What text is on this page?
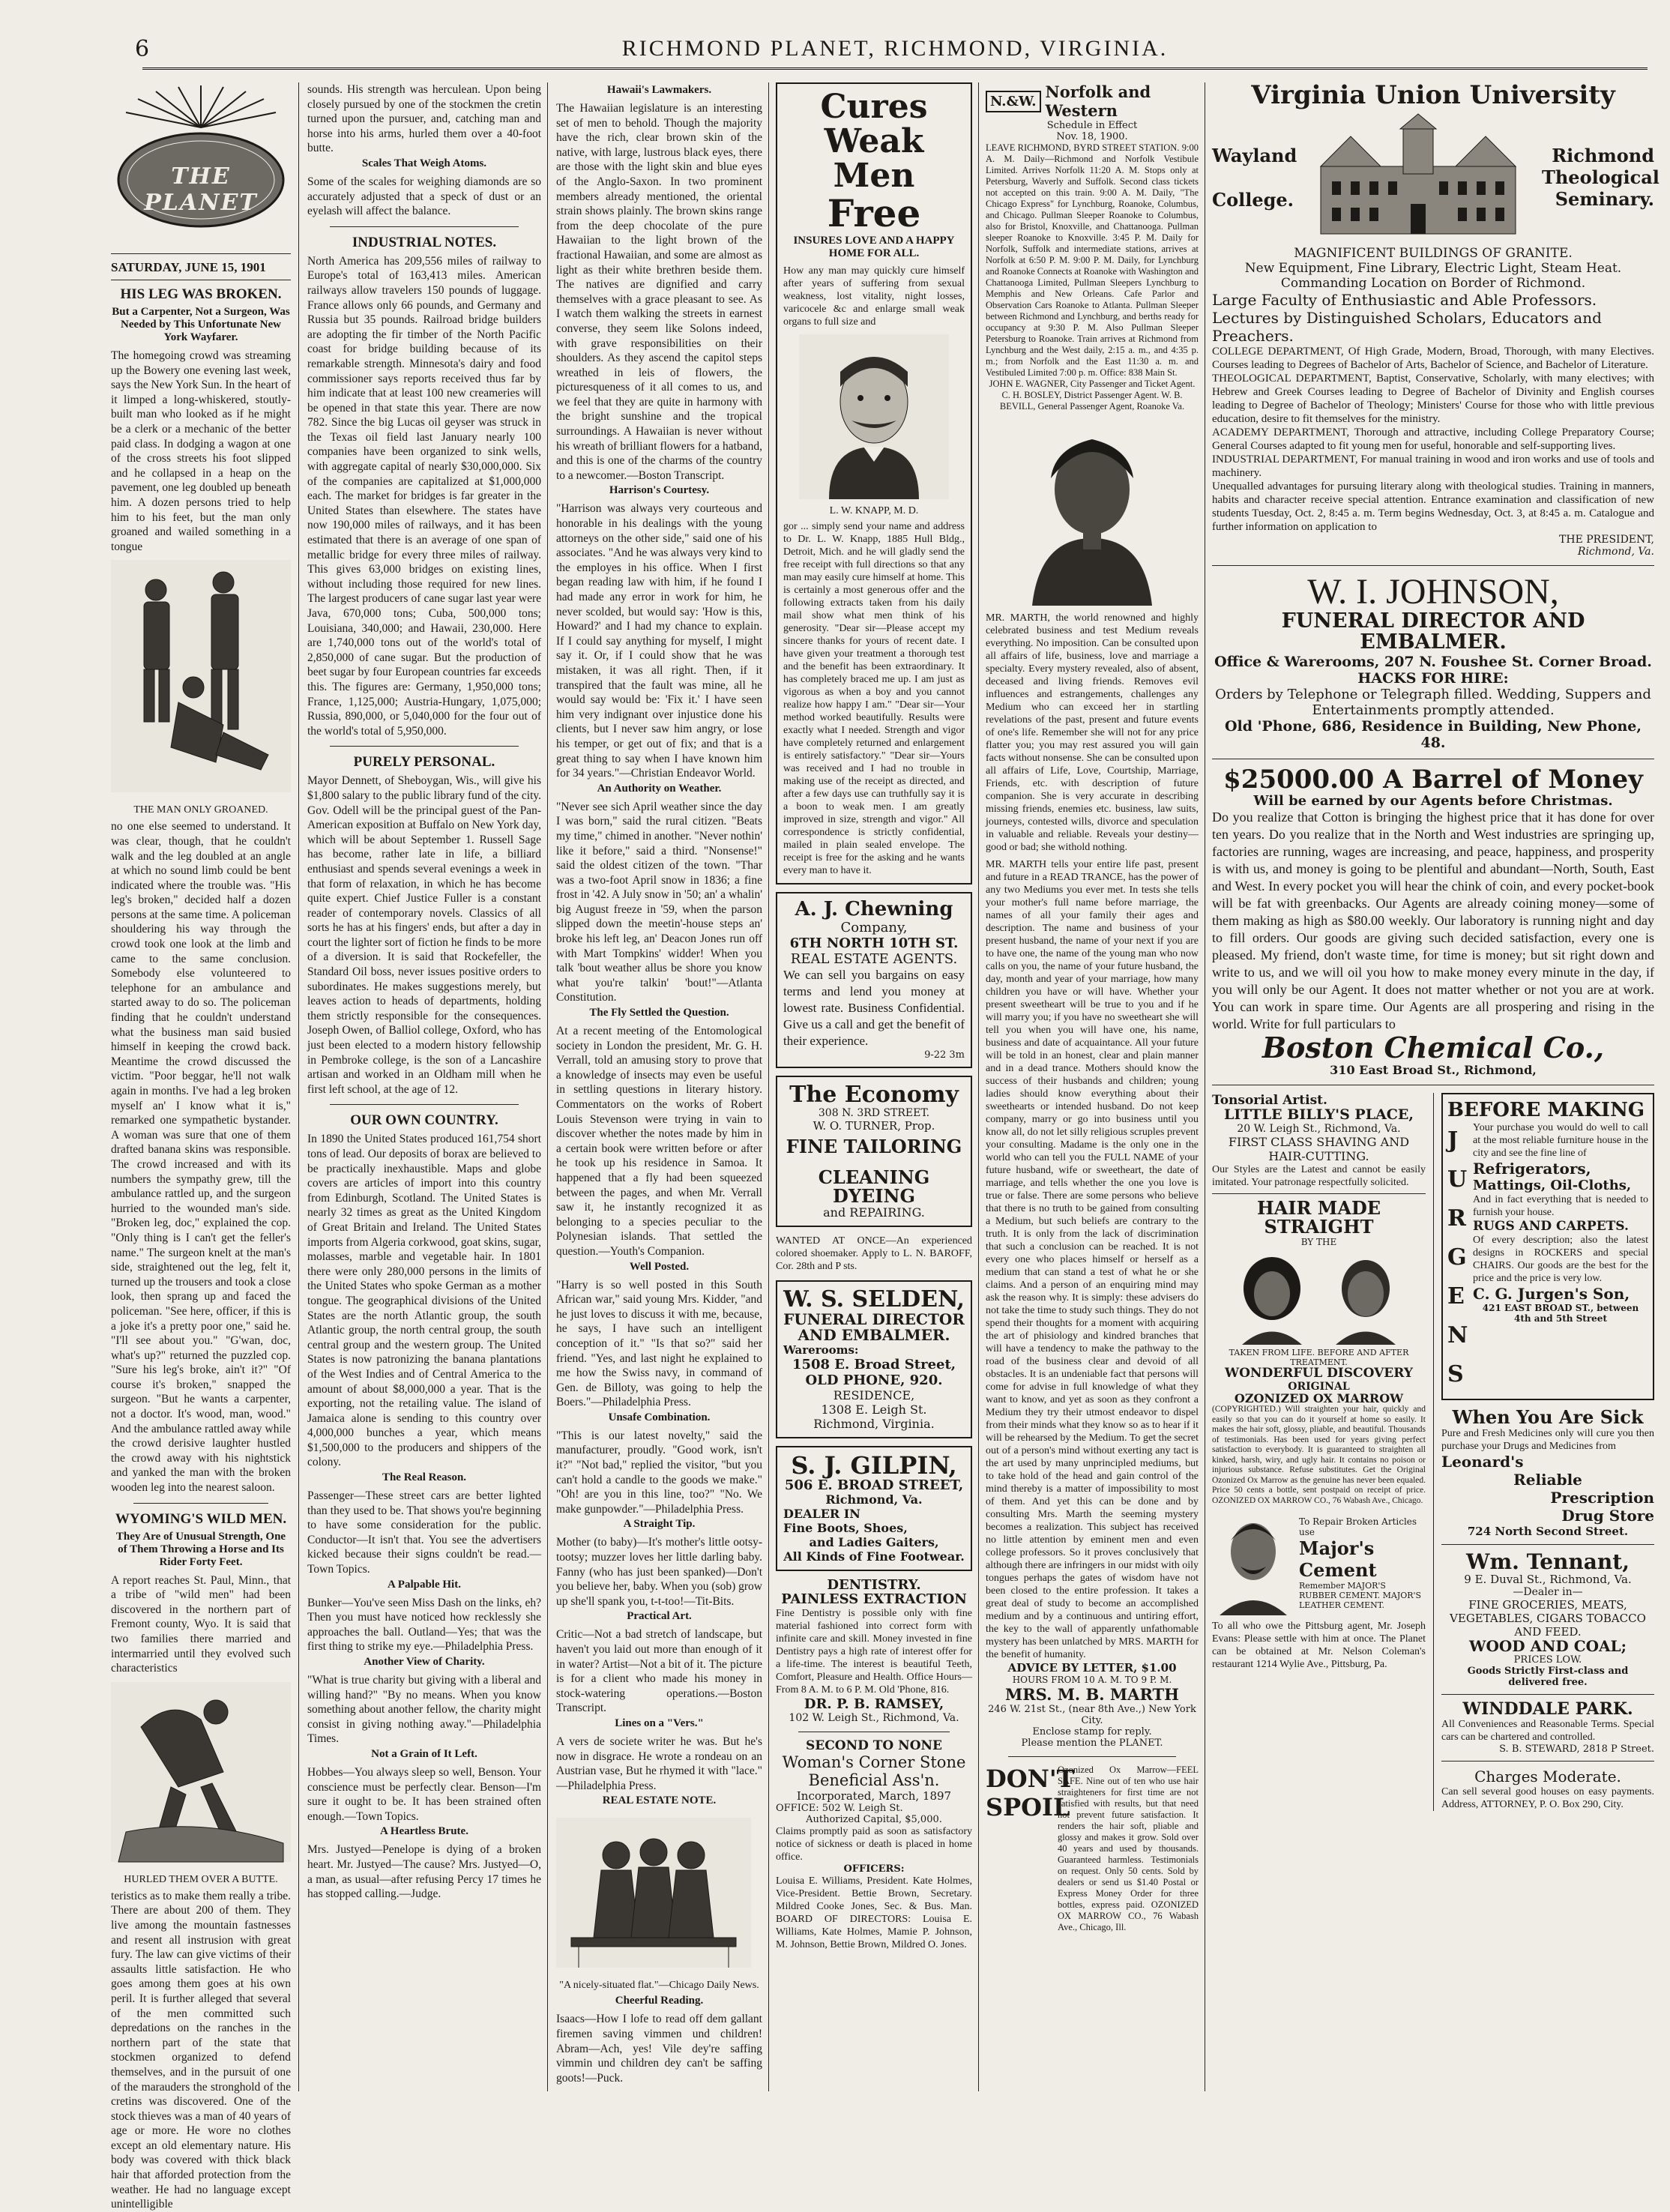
6	RICHMOND PLANET, RICHMOND, VIRGINIA.
THE PLANET
SATURDAY, JUNE 15, 1901
HIS LEG WAS BROKEN.
But a Carpenter, Not a Surgeon, Was Needed by This Unfortunate New York Wayfarer.

The homegoing crowd was streaming up the Bowery one evening last week, says the New York Sun. In the heart of it limped a long-whiskered, stoutly-built man who looked as if he might be a clerk or a mechanic of the better paid class. In dodging a wagon at one of the cross streets his foot slipped and he collapsed in a heap on the pavement, one leg doubled up beneath him. A dozen persons tried to help him to his feet, but the man only groaned and wailed something in a tongue

THE MAN ONLY GROANED.

no one else seemed to understand. It was clear, though, that he couldn't walk and the leg doubled at an angle at which no sound limb could be bent indicated where the trouble was. "His leg's broken," decided half a dozen persons at the same time. A policeman shouldering his way through the crowd took one look at the limb and came to the same conclusion. Somebody else volunteered to telephone for an ambulance and started away to do so. The policeman finding that he couldn't understand what the business man said busied himself in keeping the crowd back. Meantime the crowd discussed the victim. "Poor beggar, he'll not walk again in months. I've had a leg broken myself an' I know what it is," remarked one sympathetic bystander. A woman was sure that one of them drafted banana skins was responsible. The crowd increased and with its numbers the sympathy grew, till the ambulance rattled up, and the surgeon hurried to the wounded man's side. "Broken leg, doc," explained the cop. "Only thing is I can't get the feller's name." The surgeon knelt at the man's side, straightened out the leg, felt it, turned up the trousers and took a close look, then sprang up and faced the policeman. "See here, officer, if this is a joke it's a pretty poor one," said he. "I'll see about you." "G'wan, doc, what's up?" returned the puzzled cop. "Sure his leg's broke, ain't it?" "Of course it's broken," snapped the surgeon. "But he wants a carpenter, not a doctor. It's wood, man, wood." And the ambulance rattled away while the crowd derisive laughter hustled the crowd away with his nightstick and yanked the man with the broken wooden leg into the nearest saloon.

WYOMING'S WILD MEN.
They Are of Unusual Strength, One of Them Throwing a Horse and Its Rider Forty Feet.

A report reaches St. Paul, Minn., that a tribe of "wild men" had been discovered in the northern part of Fremont county, Wyo. It is said that two families there married and intermarried until they evolved such characteristics

HURLED THEM OVER A BUTTE.

teristics as to make them really a tribe. There are about 200 of them. They live among the mountain fastnesses and resent all instrusion with great fury. The law can give victims of their assaults little satisfaction. He who goes among them goes at his own peril. It is further alleged that several of the men committed such depredations on the ranches in the northern part of the state that stockmen organized to defend themselves, and in the pursuit of one of the marauders the stronghold of the cretins was discovered. One of the stock thieves was a man of 40 years of age or more. He wore no clothes except an old elementary nature. His body was covered with thick black hair that afforded protection from the weather. He had no language except unintelligible

sounds. His strength was herculean. Upon being closely pursued by one of the stockmen the cretin turned upon the pursuer, and, catching man and horse into his arms, hurled them over a 40-foot butte.

Scales That Weigh Atoms.

Some of the scales for weighing diamonds are so accurately adjusted that a speck of dust or an eyelash will affect the balance.

INDUSTRIAL NOTES.

North America has 209,556 miles of railway to Europe's total of 163,413 miles. American railways allow travelers 150 pounds of luggage. France allows only 66 pounds, and Germany and Russia but 35 pounds. Railroad bridge builders are adopting the fir timber of the North Pacific coast for bridge building because of its remarkable strength. Minnesota's dairy and food commissioner says reports received thus far by him indicate that at least 100 new creameries will be opened in that state this year. There are now 782. Since the big Lucas oil geyser was struck in the Texas oil field last January nearly 100 companies have been organized to sink wells, with aggregate capital of nearly $30,000,000. Six of the companies are capitalized at $1,000,000 each. The market for bridges is far greater in the United States than elsewhere. The states have now 190,000 miles of railways, and it has been estimated that there is an average of one span of metallic bridge for every three miles of railway. This gives 63,000 bridges on existing lines, without including those required for new lines. The largest producers of cane sugar last year were Java, 670,000 tons; Cuba, 500,000 tons; Louisiana, 340,000; and Hawaii, 230,000. Here are 1,740,000 tons out of the world's total of 2,850,000 of cane sugar. But the production of beet sugar by four European countries far exceeds this. The figures are: Germany, 1,950,000 tons; France, 1,125,000; Austria-Hungary, 1,075,000; Russia, 890,000, or 5,040,000 for the four out of the world's total of 5,950,000.

PURELY PERSONAL.

Mayor Dennett, of Sheboygan, Wis., will give his $1,800 salary to the public library fund of the city. Gov. Odell will be the principal guest of the Pan-American exposition at Buffalo on New York day, which will be about September 1. Russell Sage has become, rather late in life, a billiard enthusiast and spends several evenings a week in that form of relaxation, in which he has become quite expert. Chief Justice Fuller is a constant reader of contemporary novels. Classics of all sorts he has at his fingers' ends, but after a day in court the lighter sort of fiction he finds to be more of a diversion. It is said that Rockefeller, the Standard Oil boss, never issues positive orders to subordinates. He makes suggestions merely, but leaves action to heads of departments, holding them strictly responsible for the consequences. Joseph Owen, of Balliol college, Oxford, who has just been elected to a modern history fellowship in Pembroke college, is the son of a Lancashire artisan and worked in an Oldham mill when he first left school, at the age of 12.

OUR OWN COUNTRY.

In 1890 the United States produced 161,754 short tons of lead. Our deposits of borax are believed to be practically inexhaustible. Maps and globe covers are articles of import into this country from Edinburgh, Scotland. The United States is nearly 32 times as great as the United Kingdom of Great Britain and Ireland. The United States imports from Algeria corkwood, goat skins, sugar, molasses, marble and vegetable hair. In 1801 there were only 280,000 persons in the limits of the United States who spoke German as a mother tongue. The geographical divisions of the United States are the north Atlantic group, the south Atlantic group, the north central group, the south central group and the western group. The United States is now patronizing the banana plantations of the West Indies and of Central America to the amount of about $8,000,000 a year. That is the exporting, not the retailing value. The island of Jamaica alone is sending to this country over 4,000,000 bunches a year, which means $1,500,000 to the producers and shippers of the colony.

The Real Reason.

Passenger—These street cars are better lighted than they used to be. That shows you're beginning to have some consideration for the public. Conductor—It isn't that. You see the advertisers kicked because their signs couldn't be read.—Town Topics.

A Palpable Hit.

Bunker—You've seen Miss Dash on the links, eh? Then you must have noticed how recklessly she approaches the ball. Outland—Yes; that was the first thing to strike my eye.—Philadelphia Press.

Another View of Charity.

"What is true charity but giving with a liberal and willing hand?" "By no means. When you know something about another fellow, the charity might consist in giving nothing away."—Philadelphia Times.

Not a Grain of It Left.

Hobbes—You always sleep so well, Benson. Your conscience must be perfectly clear. Benson—I'm sure it ought to be. It has been strained often enough.—Town Topics.

A Heartless Brute.

Mrs. Justyed—Penelope is dying of a broken heart. Mr. Justyed—The cause? Mrs. Justyed—O, a man, as usual—after refusing Percy 17 times he has stopped calling.—Judge.

Hawaii's Lawmakers.

The Hawaiian legislature is an interesting set of men to behold. Though the majority have the rich, clear brown skin of the native, with large, lustrous black eyes, there are those with the light skin and blue eyes of the Anglo-Saxon. In two prominent members already mentioned, the oriental strain shows plainly. The brown skins range from the deep chocolate of the pure Hawaiian to the light brown of the fractional Hawaiian, and some are almost as light as their white brethren beside them. The natives are dignified and carry themselves with a grace pleasant to see. As I watch them walking the streets in earnest converse, they seem like Solons indeed, with grave responsibilities on their shoulders. As they ascend the capitol steps wreathed in leis of flowers, the picturesqueness of it all comes to us, and we feel that they are quite in harmony with the bright sunshine and the tropical surroundings. A Hawaiian is never without his wreath of brilliant flowers for a hatband, and this is one of the charms of the country to a newcomer.—Boston Transcript.

Harrison's Courtesy.

"Harrison was always very courteous and honorable in his dealings with the young attorneys on the other side," said one of his associates. "And he was always very kind to the employes in his office. When I first began reading law with him, if he found I had made any error in work for him, he never scolded, but would say: 'How is this, Howard?' and I had my chance to explain. If I could say anything for myself, I might say it. Or, if I could show that he was mistaken, it was all right. Then, if it transpired that the fault was mine, all he would say would be: 'Fix it.' I have seen him very indignant over injustice done his clients, but I never saw him angry, or lose his temper, or get out of fix; and that is a great thing to say when I have known him for 34 years."—Christian Endeavor World.

An Authority on Weather.

"Never see sich April weather since the day I was born," said the rural citizen. "Beats my time," chimed in another. "Never nothin' like it before," said a third. "Nonsense!" said the oldest citizen of the town. "Thar was a two-foot April snow in 1836; a fine frost in '42. A July snow in '50; an' a whalin' big August freeze in '59, when the parson slipped down the meetin'-house steps an' broke his left leg, an' Deacon Jones run off with Mart Tompkins' widder! When you talk 'bout weather allus be shore you know what you're talkin' 'bout!"—Atlanta Constitution.

The Fly Settled the Question.

At a recent meeting of the Entomological society in London the president, Mr. G. H. Verrall, told an amusing story to prove that a knowledge of insects may even be useful in settling questions in literary history. Commentators on the works of Robert Louis Stevenson were trying in vain to discover whether the notes made by him in a certain book were written before or after he took up his residence in Samoa. It happened that a fly had been squeezed between the pages, and when Mr. Verrall saw it, he instantly recognized it as belonging to a species peculiar to the Polynesian islands. That settled the question.—Youth's Companion.

Well Posted.

"Harry is so well posted in this South African war," said young Mrs. Kidder, "and he just loves to discuss it with me, because, he says, I have such an intelligent conception of it." "Is that so?" said her friend. "Yes, and last night he explained to me how the Swiss navy, in command of Gen. de Billoty, was going to help the Boers."—Philadelphia Press.

Unsafe Combination.

"This is our latest novelty," said the manufacturer, proudly. "Good work, isn't it?" "Not bad," replied the visitor, "but you can't hold a candle to the goods we make." "Oh! are you in this line, too?" "No. We make gunpowder."—Philadelphia Press.

A Straight Tip.

Mother (to baby)—It's mother's little ootsy-tootsy; muzzer loves her little darling baby. Fanny (who has just been spanked)—Don't you believe her, baby. When you (sob) grow up she'll spank you, t-t-too!—Tit-Bits.

Practical Art.

Critic—Not a bad stretch of landscape, but haven't you laid out more than enough of it in water? Artist—Not a bit of it. The picture is for a client who made his money in stock-watering operations.—Boston Transcript.

Lines on a "Vers."

A vers de societe writer he was. But he's now in disgrace. He wrote a rondeau on an Austrian vase, But he rhymed it with "lace." —Philadelphia Press.

REAL ESTATE NOTE.
"A nicely-situated flat."—Chicago Daily News.
Cheerful Reading.

Isaacs—How I lofe to read off dem gallant firemen saving vimmen und children! Abram—Ach, yes! Vile dey're saffing vimmin und children dey can't be saffing goots!—Puck.

Cures
Weak Men
Free
INSURES LOVE AND A HAPPY HOME FOR ALL.

How any man may quickly cure himself after years of suffering from sexual weakness, lost vitality, night losses, varicocele &c and enlarge small weak organs to full size and

L. W. KNAPP, M. D.

gor ... simply send your name and address to Dr. L. W. Knapp, 1885 Hull Bldg., Detroit, Mich. and he will gladly send the free receipt with full directions so that any man may easily cure himself at home. This is certainly a most generous offer and the following extracts taken from his daily mail show what men think of his generosity. "Dear sir—Please accept my sincere thanks for yours of recent date. I have given your treatment a thorough test and the benefit has been extraordinary. It has completely braced me up. I am just as vigorous as when a boy and you cannot realize how happy I am." "Dear sir—Your method worked beautifully. Results were exactly what I needed. Strength and vigor have completely returned and enlargement is entirely satisfactory." "Dear sir—Yours was received and I had no trouble in making use of the receipt as directed, and after a few days use can truthfully say it is a boon to weak men. I am greatly improved in size, strength and vigor." All correspondence is strictly confidential, mailed in plain sealed envelope. The receipt is free for the asking and he wants every man to have it.

A. J. Chewning
Company,
6TH NORTH 10TH ST.
REAL ESTATE AGENTS.

We can sell you bargains on easy terms and lend you money at lowest rate. Business Confidential. Give us a call and get the benefit of their experience.

9-22 3m
The Economy
308 N. 3RD STREET.
W. O. TURNER, Prop.
FINE TAILORING
CLEANING DYEING
and REPAIRING.

WANTED AT ONCE—An experienced colored shoemaker. Apply to L. N. BAROFF, Cor. 28th and P sts.

W. S. SELDEN,
FUNERAL DIRECTOR
AND EMBALMER.
Warerooms:
1508 E. Broad Street,
OLD PHONE, 920.
RESIDENCE,
1308 E. Leigh St.
Richmond, Virginia.
S. J. GILPIN,
506 E. BROAD STREET,
Richmond, Va.
DEALER IN
Fine Boots, Shoes,
and Ladies Gaiters,
All Kinds of Fine Footwear.
DENTISTRY.
PAINLESS EXTRACTION

Fine Dentistry is possible only with fine material fashioned into correct form with infinite care and skill. Money invested in fine Dentistry pays a high rate of interest offer for a life-time. The interest is beautiful Teeth, Comfort, Pleasure and Health. Office Hours—From 8 A. M. to 6 P. M. Old 'Phone, 816.

DR. P. B. RAMSEY,
102 W. Leigh St., Richmond, Va.
SECOND TO NONE
Woman's Corner Stone
Beneficial Ass'n.
Incorporated, March, 1897
OFFICE: 502 W. Leigh St.
Authorized Capital, $5,000.

Claims promptly paid as soon as satisfactory notice of sickness or death is placed in home office.

OFFICERS:

Louisa E. Williams, President. Kate Holmes, Vice-President. Bettie Brown, Secretary. Mildred Cooke Jones, Sec. & Bus. Man. BOARD OF DIRECTORS: Louisa E. Williams, Kate Holmes, Mamie P. Johnson, M. Johnson, Bettie Brown, Mildred O. Jones.

N.&W. Norfolk and Western
Schedule in Effect
Nov. 18, 1900.

LEAVE RICHMOND, BYRD STREET STATION. 9:00 A. M. Daily—Richmond and Norfolk Vestibule Limited. Arrives Norfolk 11:20 A. M. Stops only at Petersburg, Waverly and Suffolk. Second class tickets not accepted on this train. 9:00 A. M. Daily, "The Chicago Express" for Lynchburg, Roanoke, Columbus, and Chicago. Pullman Sleeper Roanoke to Columbus, also for Bristol, Knoxville, and Chattanooga. Pullman sleeper Roanoke to Knoxville. 3:45 P. M. Daily for Norfolk, Suffolk and intermediate stations, arrives at Norfolk at 6:50 P. M. 9:00 P. M. Daily, for Lynchburg and Roanoke Connects at Roanoke with Washington and Chattanooga Limited, Pullman Sleepers Lynchburg to Memphis and New Orleans. Cafe Parlor and Observation Cars Roanoke to Atlanta. Pullman Sleeper between Richmond and Lynchburg, and berths ready for occupancy at 9:30 P. M. Also Pullman Sleeper Petersburg to Roanoke. Train arrives at Richmond from Lynchburg and the West daily, 2:15 a. m., and 4:35 p. m.; from Norfolk and the East 11:30 a. m. and Vestibuled Limited 7:00 p. m. Office: 838 Main St.

JOHN E. WAGNER, City Passenger and Ticket Agent. C. H. BOSLEY, District Passenger Agent. W. B. BEVILL, General Passenger Agent, Roanoke Va.

MR. MARTH, the world renowned and highly celebrated business and test Medium reveals everything. No imposition. Can be consulted upon all affairs of life, business, love and marriage a specialty. Every mystery revealed, also of absent, deceased and living friends. Removes evil influences and estrangements, challenges any Medium who can exceed her in startling revelations of the past, present and future events of one's life. Remember she will not for any price flatter you; you may rest assured you will gain facts without nonsense. She can be consulted upon all affairs of Life, Love, Courtship, Marriage, Friends, etc. with description of future companion. She is very accurate in describing missing friends, enemies etc. business, law suits, journeys, contested wills, divorce and speculation in valuable and reliable. Reveals your destiny—good or bad; she withold nothing.

MR. MARTH tells your entire life past, present and future in a READ TRANCE, has the power of any two Mediums you ever met. In tests she tells your mother's full name before marriage, the names of all your family their ages and description. The name and business of your present husband, the name of your next if you are to have one, the name of the young man who now calls on you, the name of your future husband, the day, month and year of your marriage, how many children you have or will have. Whether your present sweetheart will be true to you and if he will marry you; if you have no sweetheart she will tell you when you will have one, his name, business and date of acquaintance. All your future will be told in an honest, clear and plain manner and in a dead trance. Mothers should know the success of their husbands and children; young ladies should know everything about their sweethearts or intended husband. Do not keep company, marry or go into business until you know all, do not let silly religious scruples prevent your consulting. Madame is the only one in the world who can tell you the FULL NAME of your future husband, wife or sweetheart, the date of marriage, and tells whether the one you love is true or false. There are some persons who believe that there is no truth to be gained from consulting a Medium, but such beliefs are contrary to the truth. It is only from the lack of discrimination that such a conclusion can be reached. It is not every one who places himself or herself as a medium that can stand a test of what he or she claims. And a person of an enquiring mind may ask the reason why. It is simply: these advisers do not take the time to study such things. They do not spend their thoughts for a moment with acquiring the art of phisiology and kindred branches that will have a tendency to make the pathway to the road of the business clear and devoid of all obstacles. It is an undeniable fact that persons will come for advise in full knowledge of what they want to know, and yet as soon as they confront a Medium they try their utmost endeavor to dispel from their minds what they know so as to hear if it will be rehearsed by the Medium. To get the secret out of a person's mind without exerting any tact is the art used by many unprincipled mediums, but to take hold of the head and gain control of the mind thereby is a matter of impossibility to most of them. And yet this can be done and by consulting Mrs. Marth the seeming mystery becomes a realization. This subject has received no little attention by eminent men and even college professors. So it proves conclusively that although there are infringers in our midst with oily tongues perhaps the gates of wisdom have not been closed to the entire profession. It takes a great deal of study to become an accomplished medium and by a continuous and untiring effort, the key to the wall of apparently unfathomable mystery has been unlatched by MRS. MARTH for the benefit of humanity.

ADVICE BY LETTER, $1.00
HOURS FROM 10 A. M. TO 9 P. M.
MRS. M. B. MARTH
246 W. 21st St., (near 8th Ave.,) New York City.
Enclose stamp for reply.
Please mention the PLANET.
DON'T
SPOIL

Ozonized Ox Marrow—FEEL SAFE. Nine out of ten who use hair straighteners for first time are not satisfied with results, but that need not prevent future satisfaction. It renders the hair soft, pliable and glossy and makes it grow. Sold over 40 years and used by thousands. Guaranteed harmless. Testimonials on request. Only 50 cents. Sold by dealers or send us $1.40 Postal or Express Money Order for three bottles, express paid. OZONIZED OX MARROW CO., 76 Wabash Ave., Chicago, Ill.

Virginia Union University
Wayland
College.
Richmond
Theological
Seminary.
MAGNIFICENT BUILDINGS OF GRANITE.
New Equipment, Fine Library, Electric Light, Steam Heat. Commanding Location on Border of Richmond.
Large Faculty of Enthusiastic and Able Professors.
Lectures by Distinguished Scholars, Educators and Preachers.

COLLEGE DEPARTMENT, Of High Grade, Modern, Broad, Thorough, with many Electives. Courses leading to Degrees of Bachelor of Arts, Bachelor of Science, and Bachelor of Literature.

THEOLOGICAL DEPARTMENT, Baptist, Conservative, Scholarly, with many electives; with Hebrew and Greek Courses leading to Degree of Bachelor of Divinity and English courses leading to Degree of Bachelor of Theology; Ministers' Course for those who with little previous education, desire to fit themselves for the ministry.

ACADEMY DEPARTMENT, Thorough and attractive, including College Preparatory Course; General Courses adapted to fit young men for useful, honorable and self-supporting lives.

INDUSTRIAL DEPARTMENT, For manual training in wood and iron works and use of tools and machinery.

Unequalled advantages for pursuing literary along with theological studies. Training in manners, habits and character receive special attention. Entrance examination and classification of new students Tuesday, Oct. 2, 8:45 a. m. Term begins Wednesday, Oct. 3, at 8:45 a. m. Catalogue and further information on application to

THE PRESIDENT,
Richmond, Va.
W. I. JOHNSON,
FUNERAL DIRECTOR AND EMBALMER.
Office & Warerooms, 207 N. Foushee St. Corner Broad.
HACKS FOR HIRE:
Orders by Telephone or Telegraph filled. Wedding, Suppers and Entertainments promptly attended.
Old 'Phone, 686, Residence in Building, New Phone, 48.
$25000.00 A Barrel of Money
Will be earned by our Agents before Christmas.

Do you realize that Cotton is bringing the highest price that it has done for over ten years. Do you realize that in the North and West industries are springing up, factories are running, wages are increasing, and peace, happiness, and prosperity is with us, and money is going to be plentiful and abundant—North, South, East and West. In every pocket you will hear the chink of coin, and every pocket-book will be fat with greenbacks. Our Agents are already coining money—some of them making as high as $80.00 weekly. Our laboratory is running night and day to fill orders. Our goods are giving such decided satisfaction, every one is pleased. My friend, don't waste time, for time is money; but sit right down and write to us, and we will oil you how to make money every minute in the day, if you will only be our Agent. It does not matter whether or not you are at work. You can work in spare time. Our Agents are all prospering and rising in the world. Write for full particulars to

Boston Chemical Co.,
310 East Broad St., Richmond,
Tonsorial Artist.
LITTLE BILLY'S PLACE,
20 W. Leigh St., Richmond, Va.
FIRST CLASS SHAVING AND HAIR-CUTTING.

Our Styles are the Latest and cannot be easily imitated. Your patronage respectfully solicited.

HAIR MADE STRAIGHT
BY THE
TAKEN FROM LIFE. BEFORE AND AFTER TREATMENT.
WONDERFUL DISCOVERY
ORIGINAL
OZONIZED OX MARROW

(COPYRIGHTED.) Will straighten your hair, quickly and easily so that you can do it yourself at home so easily. It makes the hair soft, glossy, pliable, and beautiful. Thousands of testimonials. Has been used for years giving perfect satisfaction to everybody. It is guaranteed to straighten all kinked, harsh, wiry, and ugly hair. It contains no poison or injurious substance. Refuse substitutes. Get the Original Ozonized Ox Marrow as the genuine has never been equaled. Price 50 cents a bottle, sent postpaid on receipt of price. OZONIZED OX MARROW CO., 76 Wabash Ave., Chicago.

To Repair Broken Articles use
Major's Cement
Remember MAJOR'S RUBBER CEMENT. MAJOR'S LEATHER CEMENT.

To all who owe the Pittsburg agent, Mr. Joseph Evans: Please settle with him at once. The Planet can be obtained at Mr. Nelson Coleman's restaurant 1214 Wylie Ave., Pittsburg, Pa.

BEFORE MAKING
J
U
R
G
E
N
S

Your purchase you would do well to call at the most reliable furniture house in the city and see the fine line of

Refrigerators,
Mattings, Oil-Cloths,

And in fact everything that is needed to furnish your house.

RUGS AND CARPETS.

Of every description; also the latest designs in ROCKERS and special CHAIRS. Our goods are the best for the price and the price is very low.

C. G. Jurgen's Son,
421 EAST BROAD ST., between 4th and 5th Street
When You Are Sick

Pure and Fresh Medicines only will cure you then purchase your Drugs and Medicines from

Leonard's
Reliable
Prescription
Drug Store
724 North Second Street.
Wm. Tennant,
9 E. Duval St., Richmond, Va.
—Dealer in—
FINE GROCERIES, MEATS, VEGETABLES, CIGARS TOBACCO AND FEED.
WOOD AND COAL;
PRICES LOW.
Goods Strictly First-class and delivered free.
WINDDALE PARK.

All Conveniences and Reasonable Terms. Special cars can be chartered and controlled.

S. B. STEWARD, 2818 P Street.
Charges Moderate.

Can sell several good houses on easy payments. Address, ATTORNEY, P. O. Box 290, City.
